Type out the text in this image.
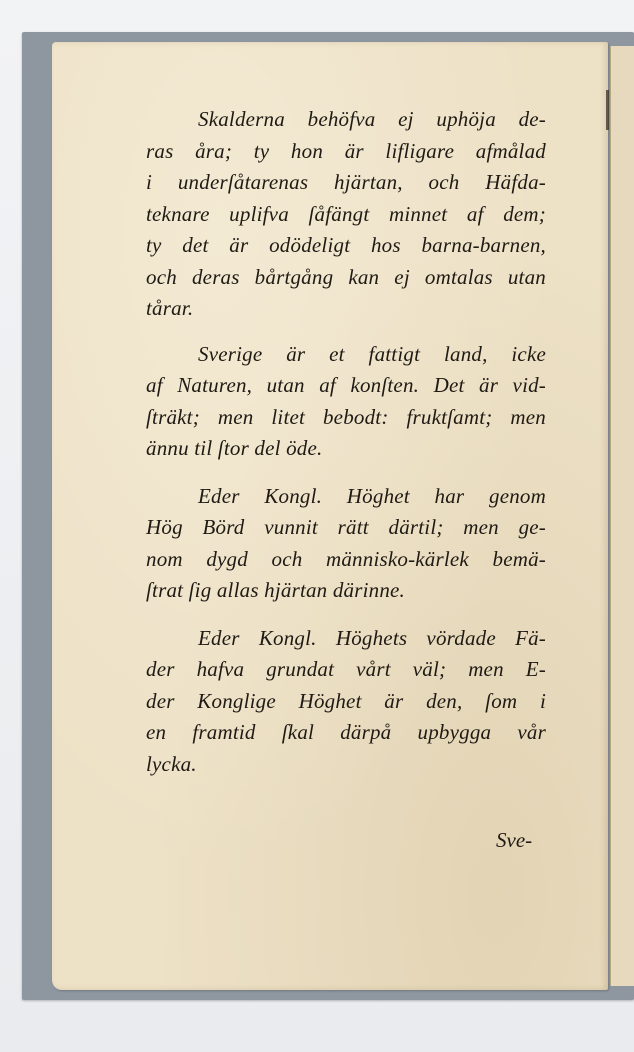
Skalderna behöfva ej uphöja de-
ras åra; ty hon är lifligare afmålad
i underſåtarenas hjärtan, och Häfda-
teknare uplifva ſåfängt minnet af dem;
ty det är odödeligt hos barna-barnen,
och deras bårtgång kan ej omtalas utan
tårar.

Sverige är et fattigt land, icke
af Naturen, utan af konſten. Det är vid-
ſträkt; men litet bebodt: fruktſamt; men
ännu til ſtor del öde.

Eder Kongl. Höghet har genom
Hög Börd vunnit rätt därtil; men ge-
nom dygd och människo-kärlek bemä-
ſtrat ſig allas hjärtan därinne.

Eder Kongl. Höghets vördade Fä-
der hafva grundat vårt väl; men E-
der Konglige Höghet är den, ſom i
en framtid ſkal därpå upbygga vår
lycka.

Sve-
